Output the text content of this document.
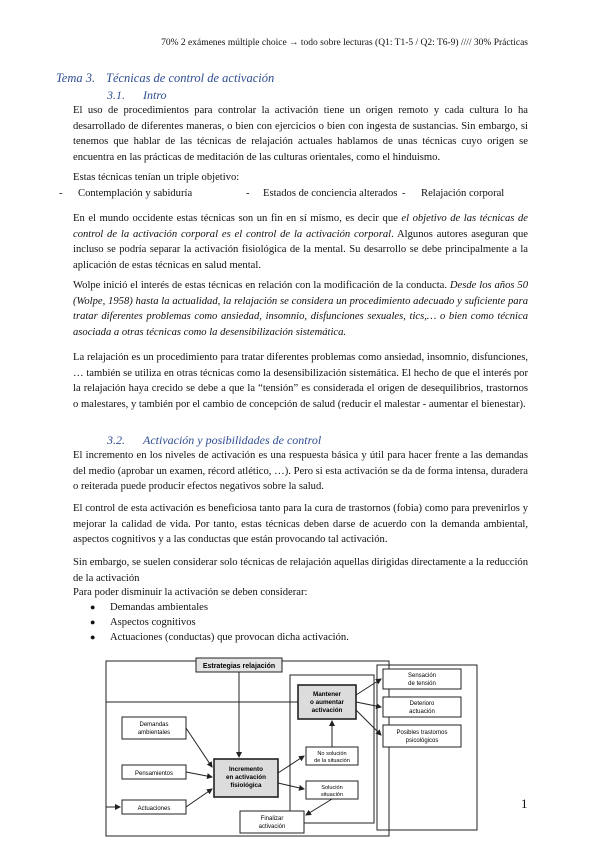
70% 2 exámenes múltiple choice → todo sobre lecturas (Q1: T1-5 / Q2: T6-9) //// 30% Prácticas
Tema 3. Técnicas de control de activación
3.1. Intro
El uso de procedimientos para controlar la activación tiene un origen remoto y cada cultura lo ha desarrollado de diferentes maneras, o bien con ejercicios o bien con ingesta de sustancias. Sin embargo, si tenemos que hablar de las técnicas de relajación actuales hablamos de unas técnicas cuyo origen se encuentra en las prácticas de meditación de las culturas orientales, como el hinduismo.
Estas técnicas tenían un triple objetivo:
- Contemplación y sabiduría	- Estados de conciencia alterados - Relajación corporal
En el mundo occidente estas técnicas son un fin en sí mismo, es decir que el objetivo de las técnicas de control de la activación corporal es el control de la activación corporal. Algunos autores aseguran que incluso se podría separar la activación fisiológica de la mental. Su desarrollo se debe principalmente a la aplicación de estas técnicas en salud mental.
Wolpe inició el interés de estas técnicas en relación con la modificación de la conducta. Desde los años 50 (Wolpe, 1958) hasta la actualidad, la relajación se considera un procedimiento adecuado y suficiente para tratar diferentes problemas como ansiedad, insomnio, disfunciones sexuales, tics,… o bien como técnica asociada a otras técnicas como la desensibilización sistemática.
La relajación es un procedimiento para tratar diferentes problemas como ansiedad, insomnio, disfunciones, … también se utiliza en otras técnicas como la desensibilización sistemática. El hecho de que el interés por la relajación haya crecido se debe a que la “tensión” es considerada el origen de desequilibrios, trastornos o malestares, y también por el cambio de concepción de salud (reducir el malestar - aumentar el bienestar).
3.2. Activación y posibilidades de control
El incremento en los niveles de activación es una respuesta básica y útil para hacer frente a las demandas del medio (aprobar un examen, récord atlético, …). Pero si esta activación se da de forma intensa, duradera o reiterada puede producir efectos negativos sobre la salud.
El control de esta activación es beneficiosa tanto para la cura de trastornos (fobia) como para prevenirlos y mejorar la calidad de vida. Por tanto, estas técnicas deben darse de acuerdo con la demanda ambiental, aspectos cognitivos y a las conductas que están provocando tal activación.
Sin embargo, se suelen considerar solo técnicas de relajación aquellas dirigidas directamente a la reducción de la activación
Para poder disminuir la activación se deben considerar:
● Demandas ambientales
● Aspectos cognitivos
● Actuaciones (conductas) que provocan dicha activación.
Estrategias relajación
Mantener
o aumentar
activación
Sensación
de tensión
Deterioro
actuación
Posibles trastornos
psicológicos
Demandas
ambientales
Pensamientos
Actuaciones
Incremento
en activación
fisiológica
No solución
de la situación
Solución
situación
Finalizar
activación
1
